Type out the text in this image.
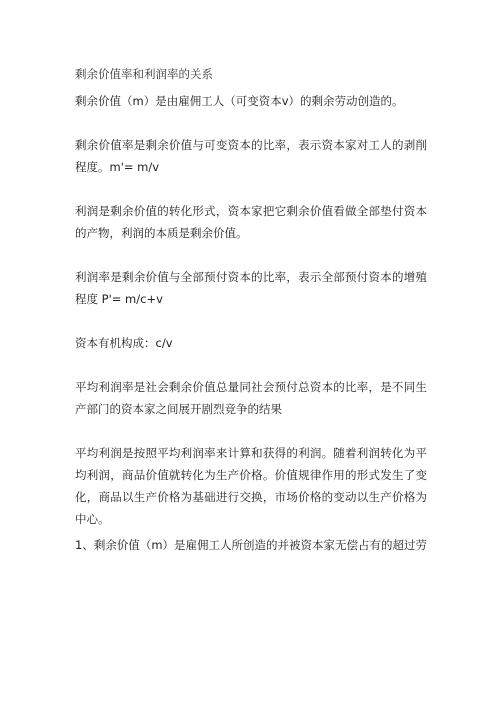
剩余价值率和利润率的关系

剩余价值（m）是由雇佣工人（可变资本v）的剩余劳动创造的。

剩余价值率是剩余价值与可变资本的比率，表示资本家对工人的剥削程度。m'= m/v

利润是剩余价值的转化形式，资本家把它剩余价值看做全部垫付资本的产物，利润的本质是剩余价值。

利润率是剩余价值与全部预付资本的比率，表示全部预付资本的增殖程度 P'= m/c+v

资本有机构成：c/v

平均利润率是社会剩余价值总量同社会预付总资本的比率，是不同生产部门的资本家之间展开剧烈竞争的结果

平均利润是按照平均利润率来计算和获得的利润。随着利润转化为平均利润，商品价值就转化为生产价格。价值规律作用的形式发生了变化，商品以生产价格为基础进行交换，市场价格的变动以生产价格为中心。

1、剩余价值（m）是雇佣工人所创造的并被资本家无偿占有的超过劳
